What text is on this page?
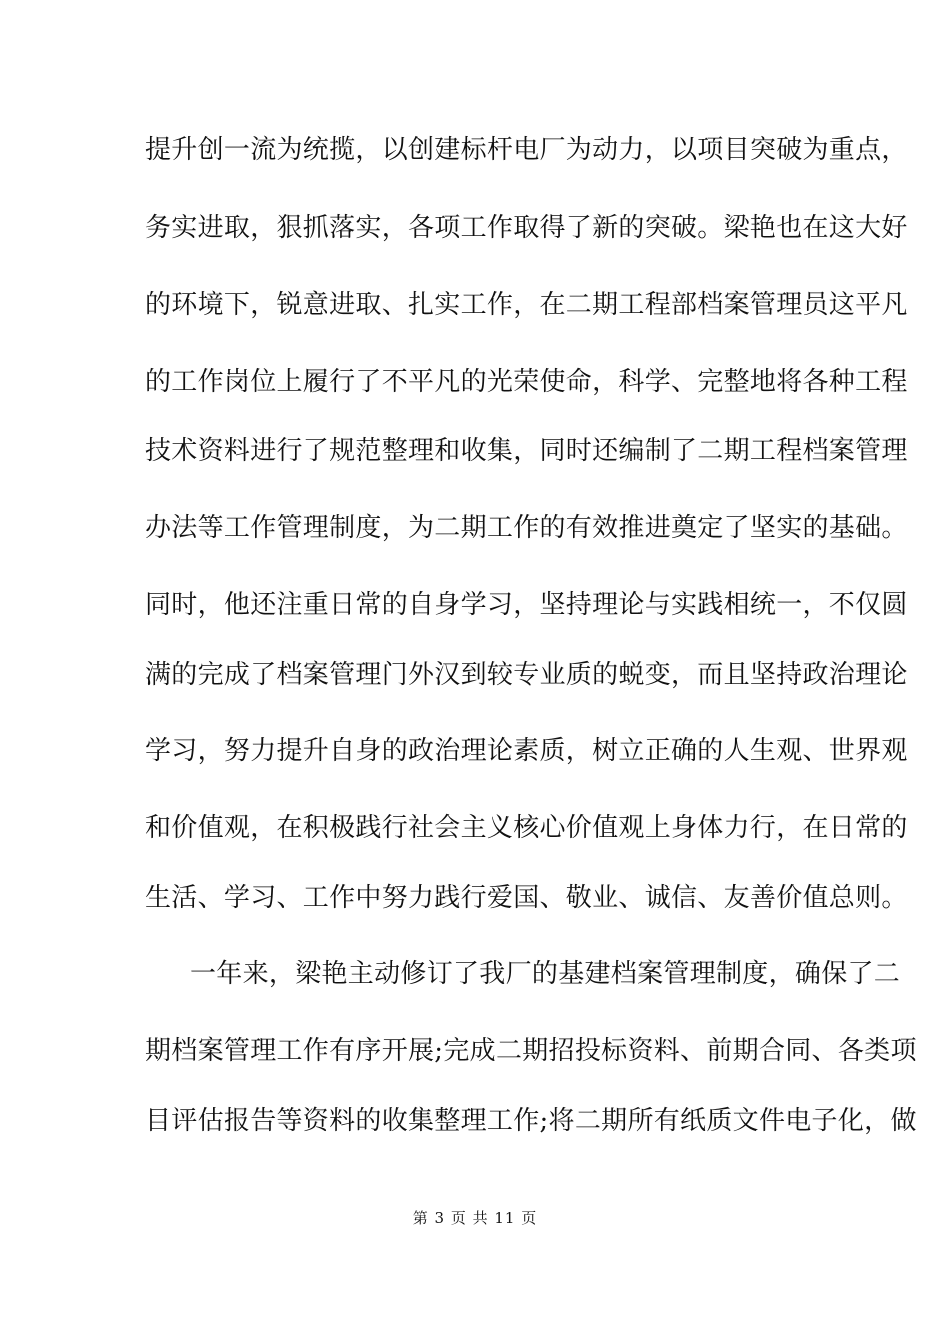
提升创一流为统揽，以创建标杆电厂为动力，以项目突破为重点，
务实进取，狠抓落实，各项工作取得了新的突破。梁艳也在这大好
的环境下，锐意进取、扎实工作，在二期工程部档案管理员这平凡
的工作岗位上履行了不平凡的光荣使命，科学、完整地将各种工程
技术资料进行了规范整理和收集，同时还编制了二期工程档案管理
办法等工作管理制度，为二期工作的有效推进奠定了坚实的基础。
同时，他还注重日常的自身学习，坚持理论与实践相统一，不仅圆
满的完成了档案管理门外汉到较专业质的蜕变，而且坚持政治理论
学习，努力提升自身的政治理论素质，树立正确的人生观、世界观
和价值观，在积极践行社会主义核心价值观上身体力行，在日常的
生活、学习、工作中努力践行爱国、敬业、诚信、友善价值总则。
一年来，梁艳主动修订了我厂的基建档案管理制度，确保了二
期档案管理工作有序开展;完成二期招投标资料、前期合同、各类项
目评估报告等资料的收集整理工作;将二期所有纸质文件电子化，做
第 3 页 共 11 页
